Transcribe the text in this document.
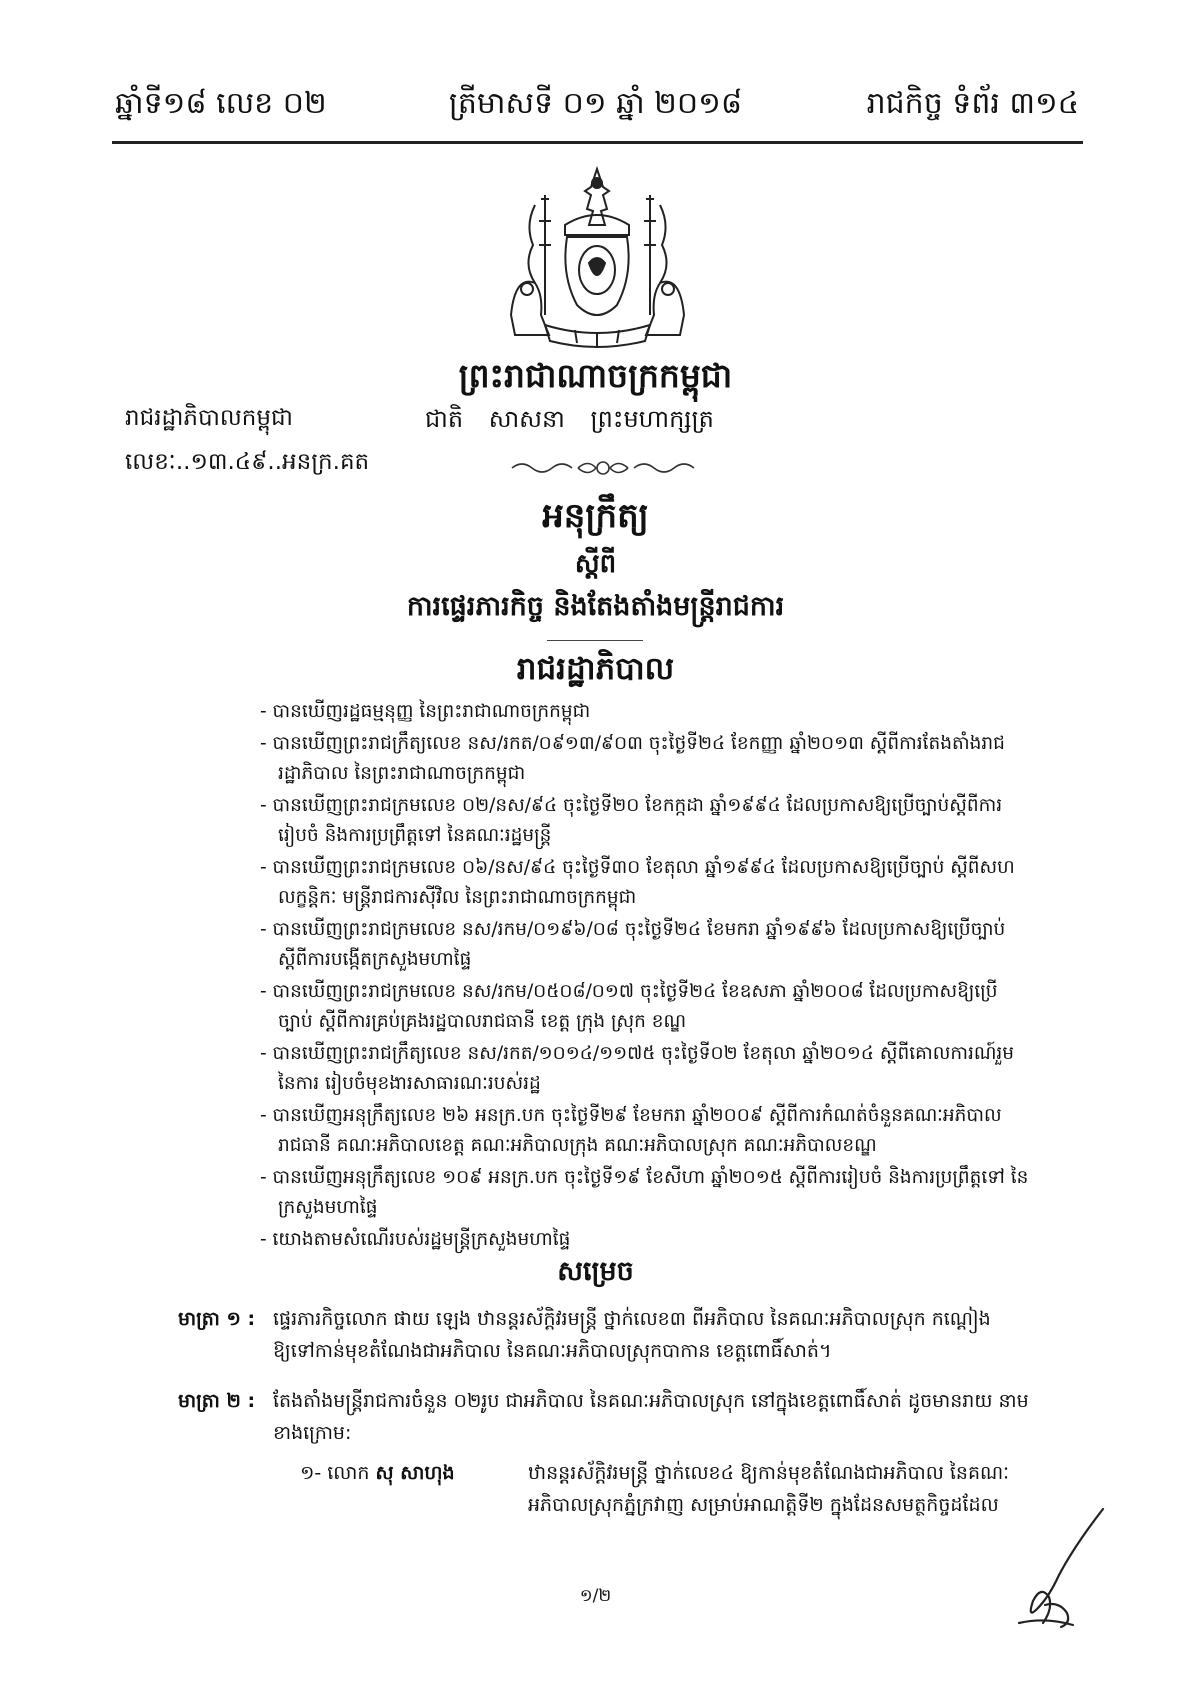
ឆ្នាំទី១៨ លេខ ០២	ត្រីមាសទី ០១ ឆ្នាំ ២០១៨	រាជកិច្ច ទំព័រ ៣១៤
ព្រះរាជាណាចក្រកម្ពុជា
រាជរដ្ឋាភិបាលកម្ពុជា	ជាតិ សាសនា ព្រះមហាក្សត្រ
លេខៈ..១៣.៤៩..អនក្រ.គត
អនុក្រឹត្យ
ស្តីពី
ការផ្ទេរភារកិច្ច និងតែងតាំងមន្ត្រីរាជការ
រាជរដ្ឋាភិបាល
- បានឃើញរដ្ឋធម្មនុញ្ញ នៃព្រះរាជាណាចក្រកម្ពុជា
- បានឃើញព្រះរាជក្រឹត្យលេខ នស/រកត/០៩១៣/៩០៣ ចុះថ្ងៃទី២៤ ខែកញ្ញា ឆ្នាំ២០១៣ ស្តីពីការតែងតាំងរាជរដ្ឋាភិបាល នៃព្រះរាជាណាចក្រកម្ពុជា
- បានឃើញព្រះរាជក្រមលេខ ០២/នស/៩៤ ចុះថ្ងៃទី២០ ខែកក្កដា ឆ្នាំ១៩៩៤ ដែលប្រកាសឱ្យប្រើច្បាប់ស្តីពីការរៀបចំ និងការប្រព្រឹត្តទៅ នៃគណៈរដ្ឋមន្ត្រី
- បានឃើញព្រះរាជក្រមលេខ ០៦/នស/៩៤ ចុះថ្ងៃទី៣០ ខែតុលា ឆ្នាំ១៩៩៤ ដែលប្រកាសឱ្យប្រើច្បាប់ ស្តីពីសហលក្ខន្តិកៈ មន្ត្រីរាជការស៊ីវិល នៃព្រះរាជាណាចក្រកម្ពុជា
- បានឃើញព្រះរាជក្រមលេខ នស/រកម/០១៩៦/០៨ ចុះថ្ងៃទី២៤ ខែមករា ឆ្នាំ១៩៩៦ ដែលប្រកាសឱ្យប្រើច្បាប់ ស្តីពីការបង្កើតក្រសួងមហាផ្ទៃ
- បានឃើញព្រះរាជក្រមលេខ នស/រកម/០៥០៨/០១៧ ចុះថ្ងៃទី២៤ ខែឧសភា ឆ្នាំ២០០៨ ដែលប្រកាសឱ្យប្រើច្បាប់ ស្តីពីការគ្រប់គ្រងរដ្ឋបាលរាជធានី ខេត្ត ក្រុង ស្រុក ខណ្ឌ
- បានឃើញព្រះរាជក្រឹត្យលេខ នស/រកត/១០១៤/១១៧៥ ចុះថ្ងៃទី០២ ខែតុលា ឆ្នាំ២០១៤ ស្តីពីគោលការណ៍រួម នៃការ រៀបចំមុខងារសាធារណៈរបស់រដ្ឋ
- បានឃើញអនុក្រឹត្យលេខ ២៦ អនក្រ.បក ចុះថ្ងៃទី២៩ ខែមករា ឆ្នាំ២០០៩ ស្តីពីការកំណត់ចំនួនគណៈអភិបាលរាជធានី គណៈអភិបាលខេត្ត គណៈអភិបាលក្រុង គណៈអភិបាលស្រុក គណៈអភិបាលខណ្ឌ
- បានឃើញអនុក្រឹត្យលេខ ១០៩ អនក្រ.បក ចុះថ្ងៃទី១៩ ខែសីហា ឆ្នាំ២០១៥ ស្តីពីការរៀបចំ និងការប្រព្រឹត្តទៅ នៃ ក្រសួងមហាផ្ទៃ
- យោងតាមសំណើរបស់រដ្ឋមន្ត្រីក្រសួងមហាផ្ទៃ
សម្រេច
មាត្រា ១ : ផ្ទេរភារកិច្ចលោក ផាយ ឡេង ឋានន្តរស័ក្តិវរមន្ត្រី ថ្នាក់លេខ៣ ពីអភិបាល នៃគណៈអភិបាលស្រុក កណ្តៀង ឱ្យទៅកាន់មុខតំណែងជាអភិបាល នៃគណៈអភិបាលស្រុកបាកាន ខេត្តពោធិ៍សាត់។
មាត្រា ២ : តែងតាំងមន្ត្រីរាជការចំនួន ០២រូប ជាអភិបាល នៃគណៈអភិបាលស្រុក នៅក្នុងខេត្តពោធិ៍សាត់ ដូចមានរាយ នាមខាងក្រោម:
១- លោក សុ សាហុង	ឋានន្តរស័ក្តិវរមន្ត្រី ថ្នាក់លេខ៤ ឱ្យកាន់មុខតំណែងជាអភិបាល នៃគណៈ អភិបាលស្រុកភ្នំក្រវាញ សម្រាប់អាណត្តិទី២ ក្នុងដែនសមត្ថកិច្ចដដែល
១/២
